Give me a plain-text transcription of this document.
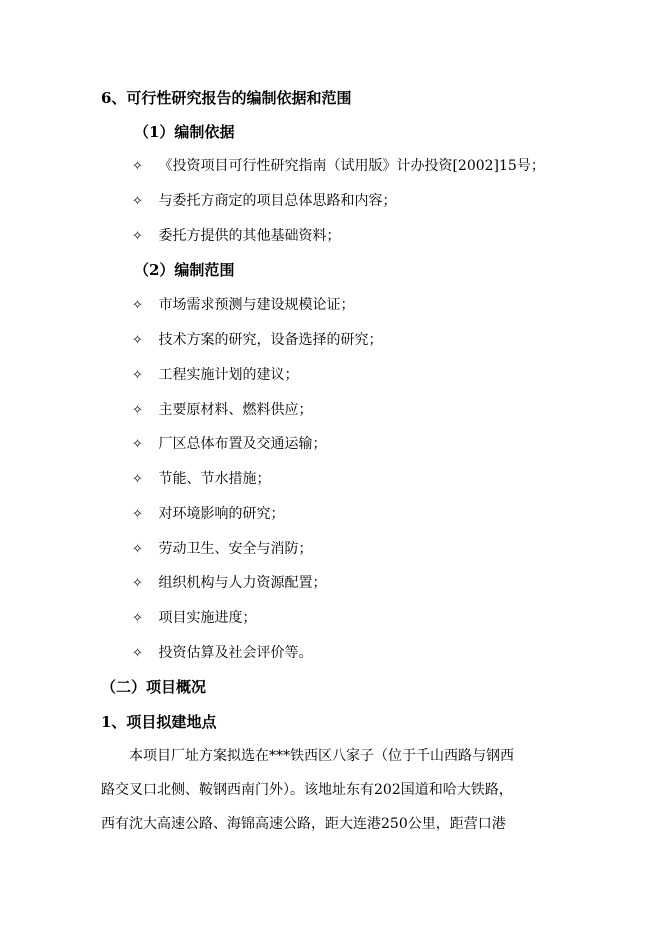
6、可行性研究报告的编制依据和范围
（1）编制依据
✧ 《投资项目可行性研究指南（试用版》计办投资[2002]15号；
✧ 与委托方商定的项目总体思路和内容；
✧ 委托方提供的其他基础资料；
（2）编制范围
✧ 市场需求预测与建设规模论证；
✧ 技术方案的研究，设备选择的研究；
✧ 工程实施计划的建议；
✧ 主要原材料、燃料供应；
✧ 厂区总体布置及交通运输；
✧ 节能、节水措施；
✧ 对环境影响的研究；
✧ 劳动卫生、安全与消防；
✧ 组织机构与人力资源配置；
✧ 项目实施进度；
✧ 投资估算及社会评价等。
（二）项目概况
1、项目拟建地点
本项目厂址方案拟选在***铁西区八家子（位于千山西路与钢西
路交叉口北侧、鞍钢西南门外）。该地址东有202国道和哈大铁路，
西有沈大高速公路、海锦高速公路，距大连港250公里，距营口港
